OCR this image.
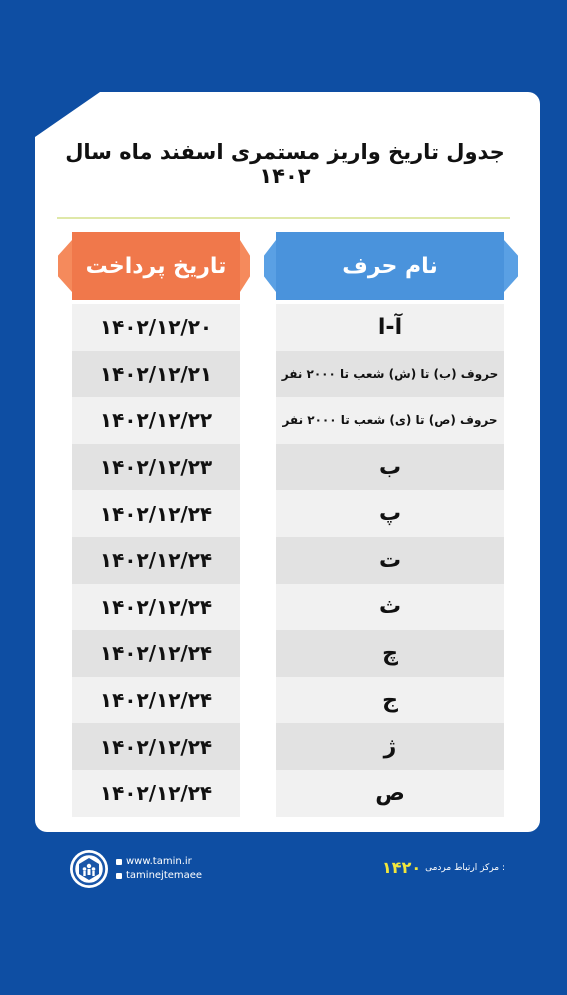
جدول تاریخ واریز مستمری اسفند ماه سال ۱۴۰۲
تاریخ پرداخت	نام حرف
۱۴۰۲/۱۲/۲۰	آ-ا
۱۴۰۲/۱۲/۲۱	حروف (ب) تا (ش) شعب تا ۲۰۰۰ نفر
۱۴۰۲/۱۲/۲۲	حروف (ص) تا (ی) شعب تا ۲۰۰۰ نفر
۱۴۰۲/۱۲/۲۳	ب
۱۴۰۲/۱۲/۲۴	پ
۱۴۰۲/۱۲/۲۴	ت
۱۴۰۲/۱۲/۲۴	ث
۱۴۰۲/۱۲/۲۴	چ
۱۴۰۲/۱۲/۲۴	ج
۱۴۰۲/۱۲/۲۴	ژ
۱۴۰۲/۱۲/۲۴	ص
www.tamin.ir
taminejtemaee
: مرکز ارتباط مردمی
۱۴۲۰
